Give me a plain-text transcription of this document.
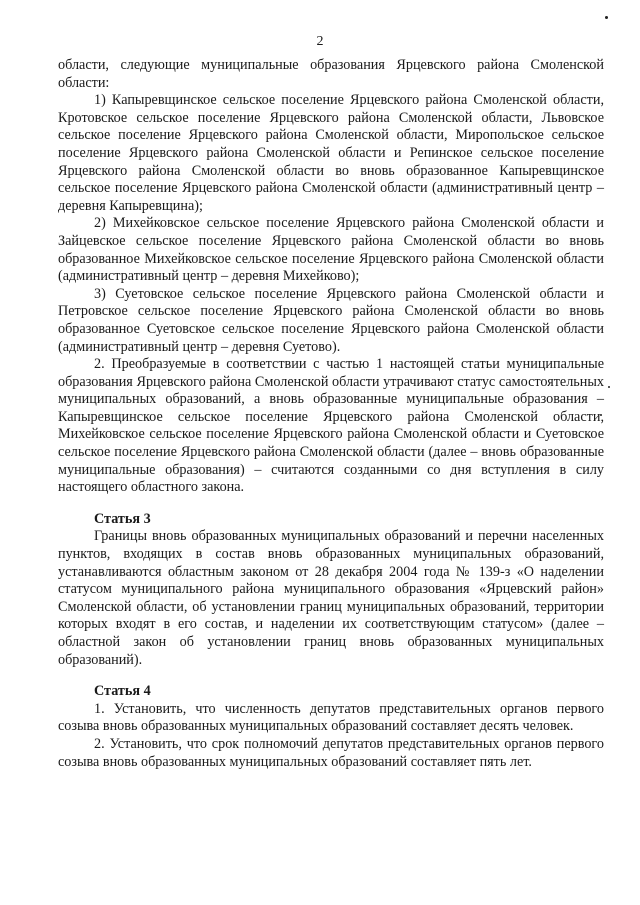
2

области, следующие муниципальные образования Ярцевского района Смоленской области:

1) Капыревщинское сельское поселение Ярцевского района Смоленской области, Кротовское сельское поселение Ярцевского района Смоленской области, Львовское сельское поселение Ярцевского района Смоленской области, Миропольское сельское поселение Ярцевского района Смоленской области и Репинское сельское поселение Ярцевского района Смоленской области во вновь образованное Капыревщинское сельское поселение Ярцевского района Смоленской области (административный центр – деревня Капыревщина);

2) Михейковское сельское поселение Ярцевского района Смоленской области и Зайцевское сельское поселение Ярцевского района Смоленской области во вновь образованное Михейковское сельское поселение Ярцевского района Смоленской области (административный центр – деревня Михейково);

3) Суетовское сельское поселение Ярцевского района Смоленской области и Петровское сельское поселение Ярцевского района Смоленской области во вновь образованное Суетовское сельское поселение Ярцевского района Смоленской области (административный центр – деревня Суетово).

2. Преобразуемые в соответствии с частью 1 настоящей статьи муниципальные образования Ярцевского района Смоленской области утрачивают статус самостоятельных муниципальных образований, а вновь образованные муниципальные образования – Капыревщинское сельское поселение Ярцевского района Смоленской области, Михейковское сельское поселение Ярцевского района Смоленской области и Суетовское сельское поселение Ярцевского района Смоленской области (далее – вновь образованные муниципальные образования) – считаются созданными со дня вступления в силу настоящего областного закона.

Статья 3

Границы вновь образованных муниципальных образований и перечни населенных пунктов, входящих в состав вновь образованных муниципальных образований, устанавливаются областным законом от 28 декабря 2004 года № 139-з «О наделении статусом муниципального района муниципального образования «Ярцевский район» Смоленской области, об установлении границ муниципальных образований, территории которых входят в его состав, и наделении их соответствующим статусом» (далее – областной закон об установлении границ вновь образованных муниципальных образований).

Статья 4

1. Установить, что численность депутатов представительных органов первого созыва вновь образованных муниципальных образований составляет десять человек.

2. Установить, что срок полномочий депутатов представительных органов первого созыва вновь образованных муниципальных образований составляет пять лет.
